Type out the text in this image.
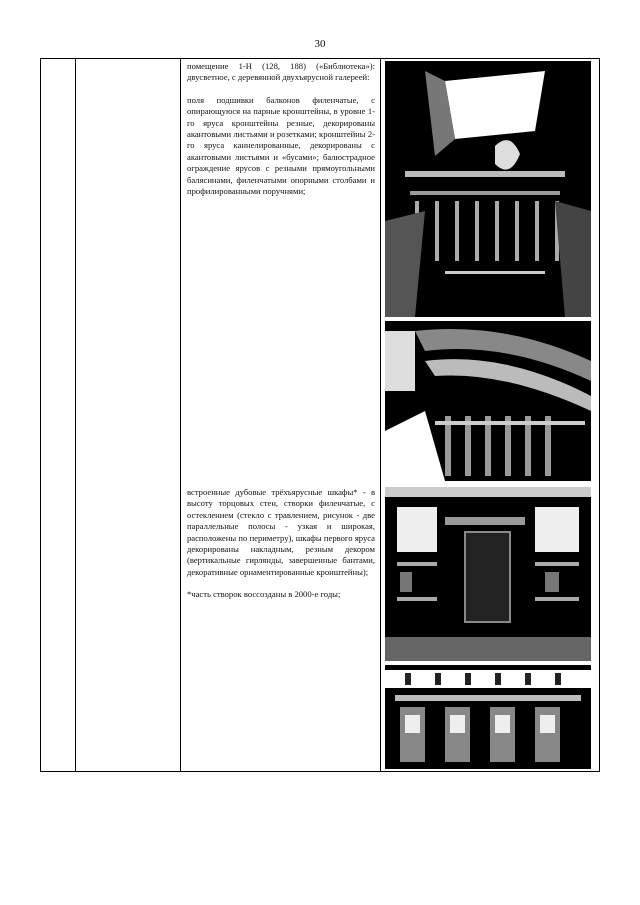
30

помещение 1-Н (128, 188) («Библиотека»): двусветное, с деревянной двухъярусной галереей:

поля подшивки балконов филенчатые, с опирающуюся на парные кронштейны, в уровне 1-го яруса кронштейны резные, декорированы акантовыми листьями и розетками; кронштейны 2-го яруса каннелированные, декорированы с акантовыми листьями и «бусами»; балюстрадное ограждение ярусов с резными прямоугольными балясинами, филенчатыми опорными столбами и профилированными поручнями;

встроенные дубовые трёхъярусные шкафы* - в высоту торцовых стен, створки филенчатые, с остеклением (стекло с травлением, рисунок - две параллельные полосы - узкая и широкая, расположены по периметру), шкафы первого яруса декорированы накладным, резным декором (вертикальные гирлянды, завершенные бантами, декоративные орнаментированные кронштейны);

*часть створок воссозданы в 2000-е годы;
